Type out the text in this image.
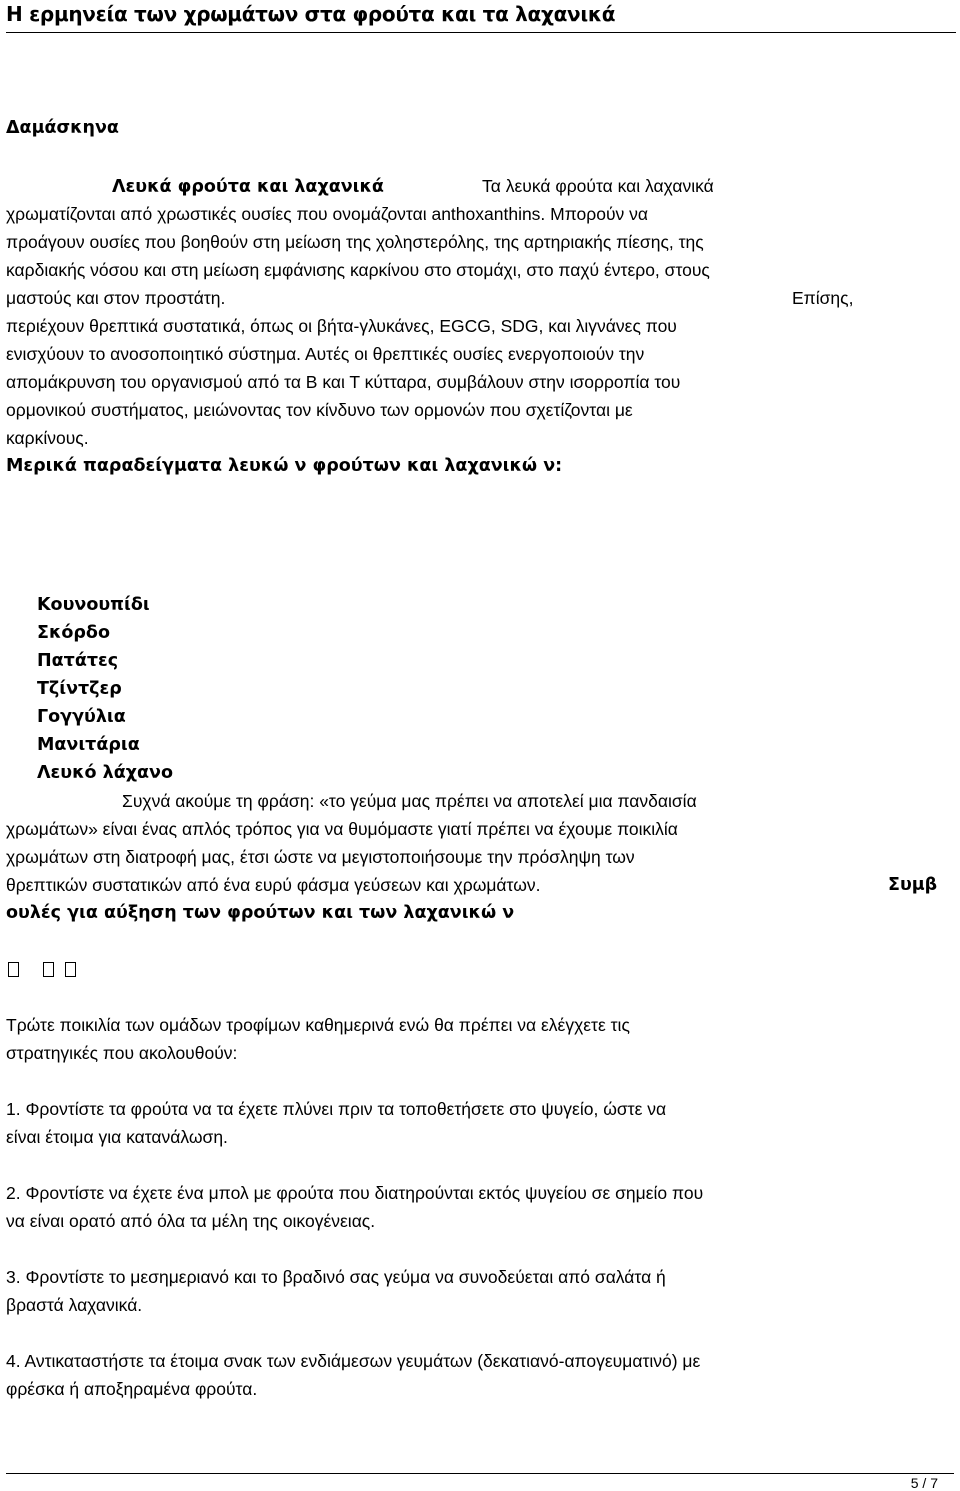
Η ερμηνεία των χρωμάτων στα φρούτα και τα λαχανικά
Δαμάσκηνα
Λευκά φρούτα και λαχανικά	Τα λευκά φρούτα και λαχανικά
χρωματίζονται από χρωστικές ουσίες που ονομάζονται anthoxanthins. Μπορούν να
προάγουν ουσίες που βοηθούν στη μείωση της χοληστερόλης, της αρτηριακής πίεσης, της
καρδιακής νόσου και στη μείωση εμφάνισης καρκίνου στο στομάχι, στο παχύ έντερο, στους
μαστούς και στον προστάτη.	Επίσης,
περιέχουν θρεπτικά συστατικά, όπως οι βήτα-γλυκάνες, EGCG, SDG, και λιγνάνες που
ενισχύουν το ανοσοποιητικό σύστημα. Αυτές οι θρεπτικές ουσίες ενεργοποιούν την
απομάκρυνση του οργανισμού από τα Β και Τ κύτταρα, συμβάλουν στην ισορροπία του
ορμονικού συστήματος, μειώνοντας τον κίνδυνο των ορμονών που σχετίζονται με
καρκίνους.
Μερικά παραδείγματα λευκώ ν φρούτων και λαχανικώ ν:
Κουνουπίδι
Σκόρδο
Πατάτες
Τζίντζερ
Γογγύλια
Μανιτάρια
Λευκό λάχανο
Συχνά ακούμε τη φράση: «το γεύμα μας πρέπει να αποτελεί μια πανδαισία
χρωμάτων» είναι ένας απλός τρόπος για να θυμόμαστε γιατί πρέπει να έχουμε ποικιλία
χρωμάτων στη διατροφή μας, έτσι ώστε να μεγιστοποιήσουμε την πρόσληψη των
θρεπτικών συστατικών από ένα ευρύ φάσμα γεύσεων και χρωμάτων.	Συμβ
ουλές για αύξηση των φρούτων και των λαχανικώ ν

Τρώτε ποικιλία των ομάδων τροφίμων καθημερινά ενώ θα πρέπει να ελέγχετε τις
στρατηγικές που ακολουθούν:
1. Φροντίστε τα φρούτα να τα έχετε πλύνει πριν τα τοποθετήσετε στο ψυγείο, ώστε να
είναι έτοιμα για κατανάλωση.
2. Φροντίστε να έχετε ένα μπολ με φρούτα που διατηρούνται εκτός ψυγείου σε σημείο που
να είναι ορατό από όλα τα μέλη της οικογένειας.
3. Φροντίστε το μεσημεριανό και το βραδινό σας γεύμα να συνοδεύεται από σαλάτα ή
βραστά λαχανικά.
4. Αντικαταστήστε τα έτοιμα σνακ των ενδιάμεσων γευμάτων (δεκατιανό-απογευματινό) με
φρέσκα ή αποξηραμένα φρούτα.
5 / 7
